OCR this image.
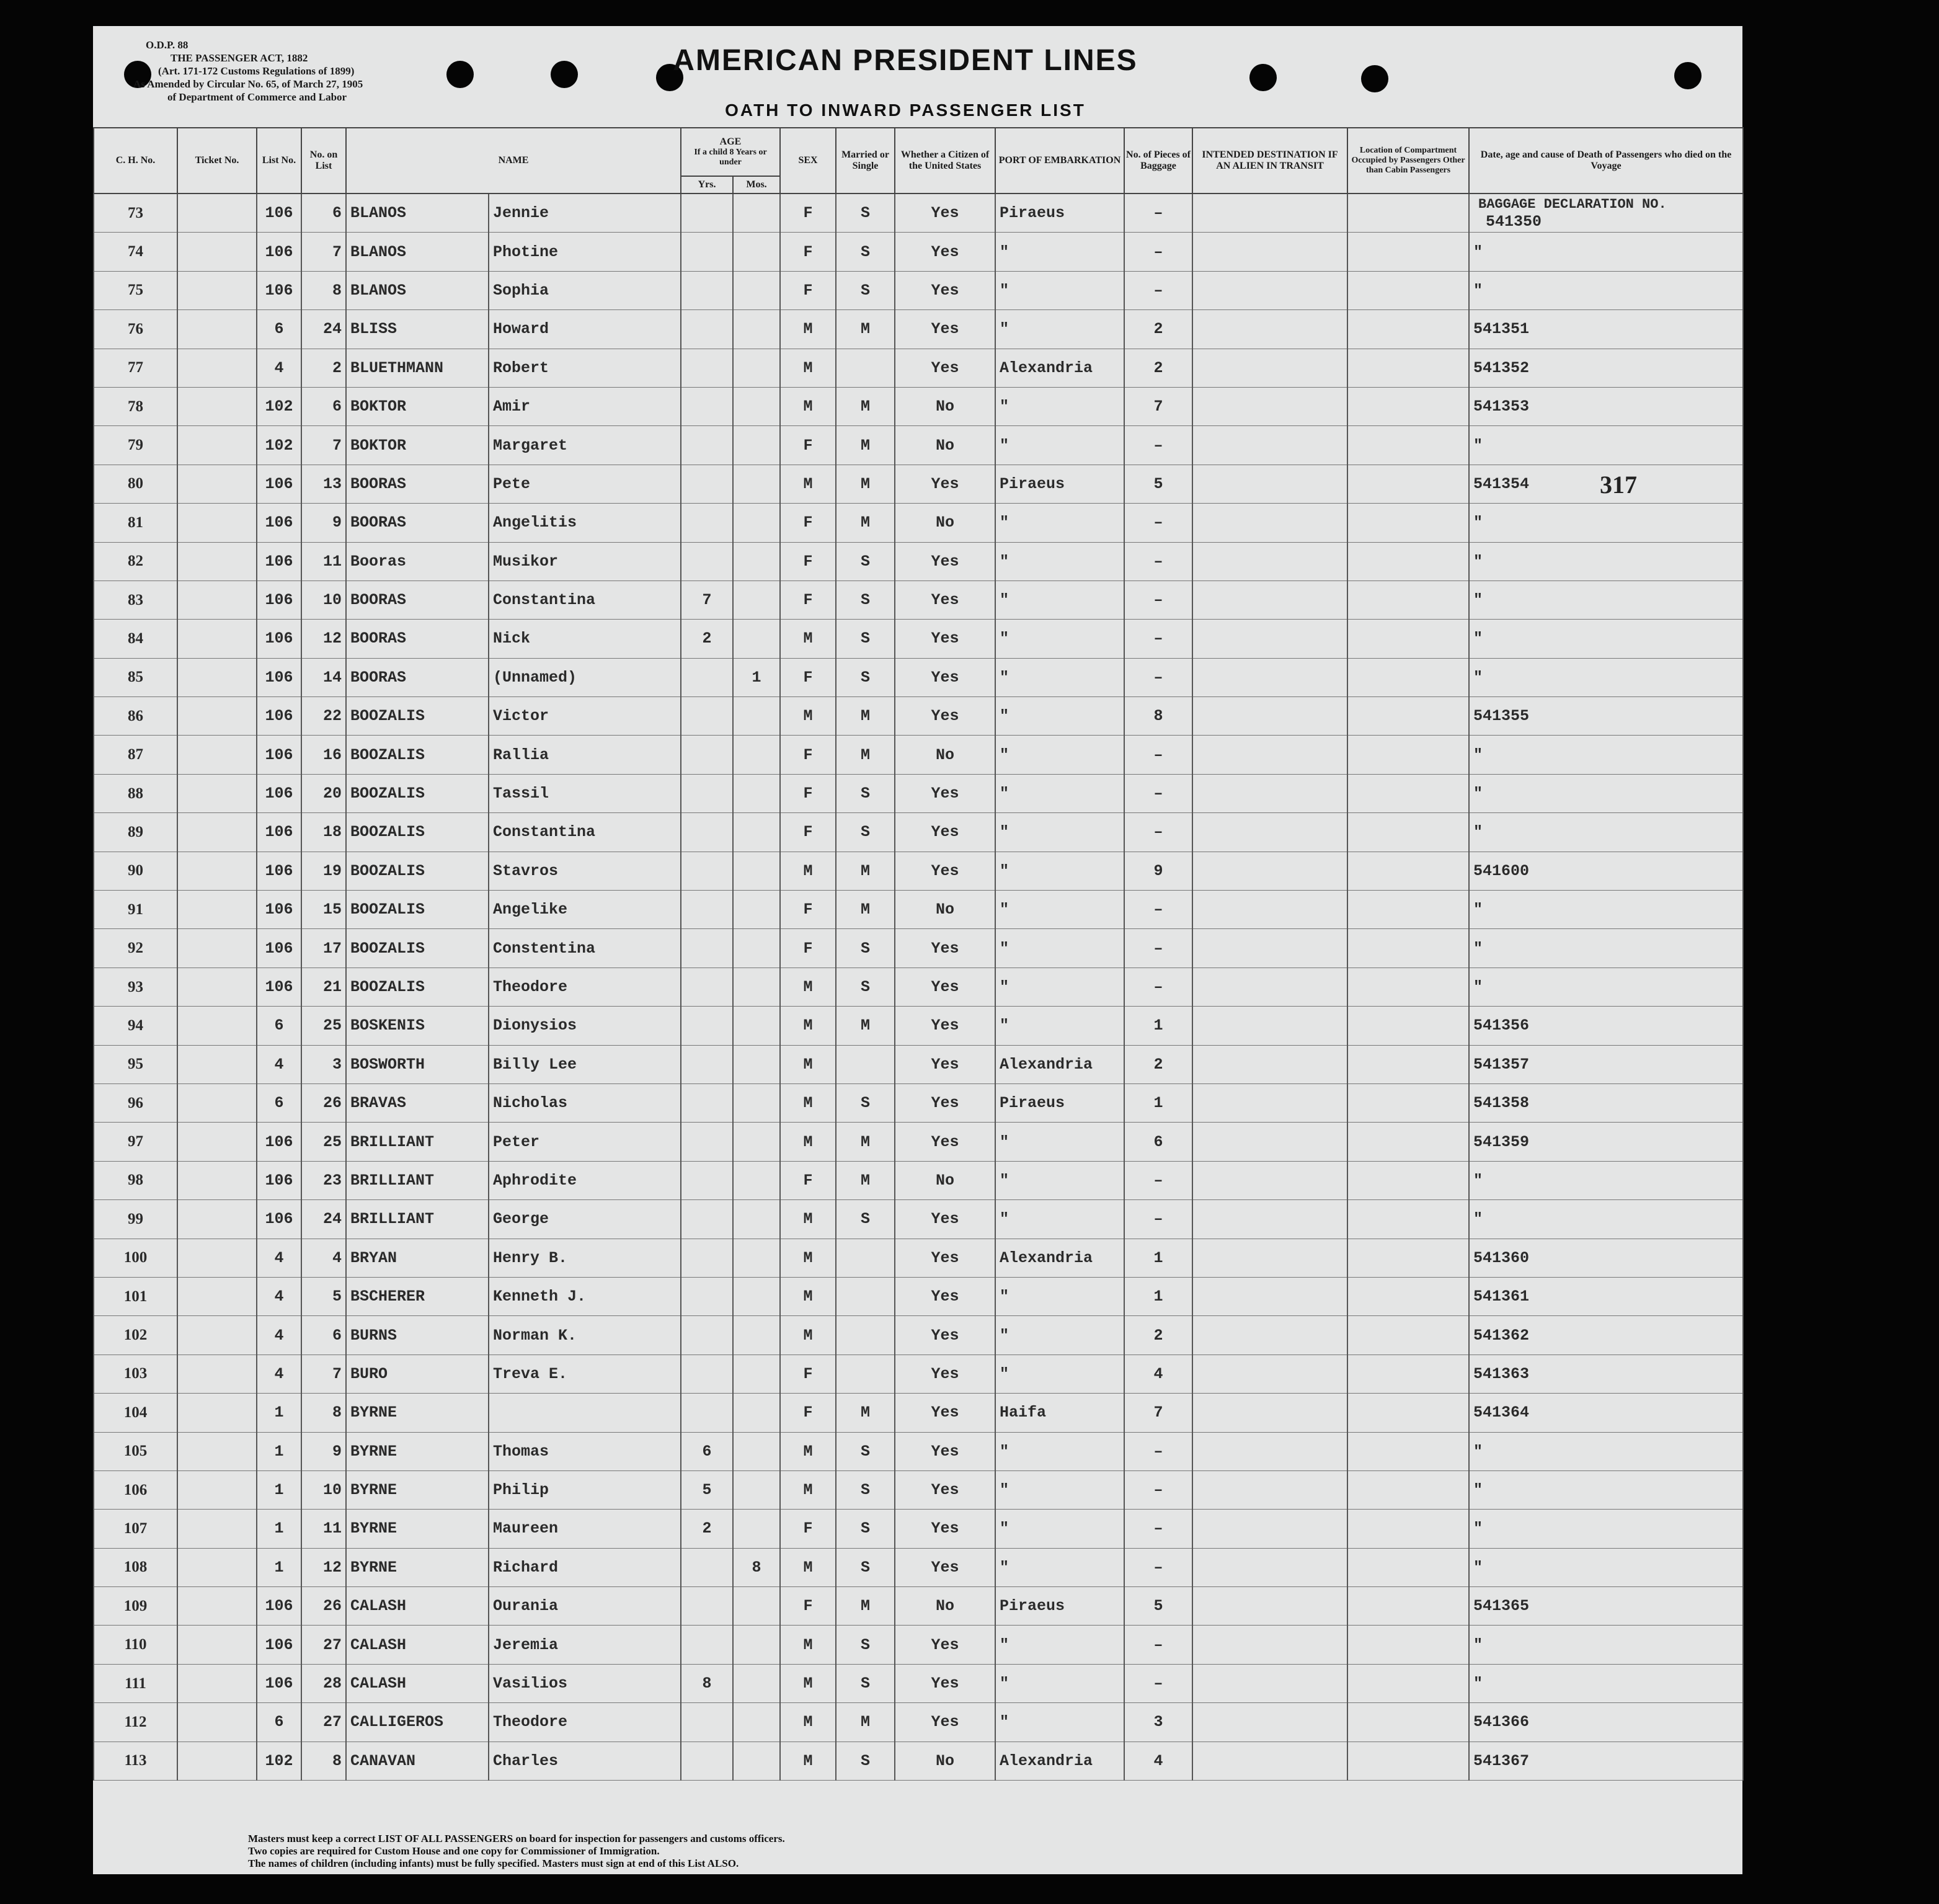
O.D.P. 88
THE PASSENGER ACT, 1882
(Art. 171-172 Customs Regulations of 1899)
As Amended by Circular No. 65, of March 27, 1905
of Department of Commerce and Labor
AMERICAN PRESIDENT LINES
OATH TO INWARD PASSENGER LIST
C. H. No.	Ticket No.	List No.	No. on List	NAME		AGE
If a child 8 Years or under		SEX	Married or Single	Whether a Citizen of the United States	PORT OF EMBARKATION	No. of Pieces of Baggage	INTENDED DESTINATION IF AN ALIEN IN TRANSIT	Location of Compartment Occupied by Passengers Other than Cabin Passengers	Date, age and cause of Death of Passengers who died on the Voyage
						Yrs.	Mos.								
73		106	6	BLANOS	Jennie			F	S	Yes	Piraeus	–			BAGGAGE DECLARATION NO.
541350

74		106	7	BLANOS	Photine			F	S	Yes	"	–			"
75		106	8	BLANOS	Sophia			F	S	Yes	"	–			"
76		6	24	BLISS	Howard			M	M	Yes	"	2			541351
77		4	2	BLUETHMANN	Robert			M		Yes	Alexandria	2			541352
78		102	6	BOKTOR	Amir			M	M	No	"	7			541353
79		102	7	BOKTOR	Margaret			F	M	No	"	–			"
80		106	13	BOORAS	Pete			M	M	Yes	Piraeus	5			541354
81		106	9	BOORAS	Angelitis			F	M	No	"	–			"
82		106	11	Booras	Musikor			F	S	Yes	"	–			"
83		106	10	BOORAS	Constantina	7		F	S	Yes	"	–			"
84		106	12	BOORAS	Nick	2		M	S	Yes	"	–			"
85		106	14	BOORAS	(Unnamed)		1	F	S	Yes	"	–			"
86		106	22	BOOZALIS	Victor			M	M	Yes	"	8			541355
87		106	16	BOOZALIS	Rallia			F	M	No	"	–			"
88		106	20	BOOZALIS	Tassil			F	S	Yes	"	–			"
89		106	18	BOOZALIS	Constantina			F	S	Yes	"	–			"
90		106	19	BOOZALIS	Stavros			M	M	Yes	"	9			541600
91		106	15	BOOZALIS	Angelike			F	M	No	"	–			"
92		106	17	BOOZALIS	Constentina			F	S	Yes	"	–			"
93		106	21	BOOZALIS	Theodore			M	S	Yes	"	–			"
94		6	25	BOSKENIS	Dionysios			M	M	Yes	"	1			541356
95		4	3	BOSWORTH	Billy Lee			M		Yes	Alexandria	2			541357
96		6	26	BRAVAS	Nicholas			M	S	Yes	Piraeus	1			541358
97		106	25	BRILLIANT	Peter			M	M	Yes	"	6			541359
98		106	23	BRILLIANT	Aphrodite			F	M	No	"	–			"
99		106	24	BRILLIANT	George			M	S	Yes	"	–			"
100		4	4	BRYAN	Henry B.			M		Yes	Alexandria	1			541360
101		4	5	BSCHERER	Kenneth J.			M		Yes	"	1			541361
102		4	6	BURNS	Norman K.			M		Yes	"	2			541362
103		4	7	BURO	Treva E.			F		Yes	"	4			541363
104		1	8	BYRNE				F	M	Yes	Haifa	7			541364
105		1	9	BYRNE	Thomas	6		M	S	Yes	"	–			"
106		1	10	BYRNE	Philip	5		M	S	Yes	"	–			"
107		1	11	BYRNE	Maureen	2		F	S	Yes	"	–			"
108		1	12	BYRNE	Richard		8	M	S	Yes	"	–			"
109		106	26	CALASH	Ourania			F	M	No	Piraeus	5			541365
110		106	27	CALASH	Jeremia			M	S	Yes	"	–			"
111		106	28	CALASH	Vasilios	8		M	S	Yes	"	–			"
112		6	27	CALLIGEROS	Theodore			M	M	Yes	"	3			541366
113		102	8	CANAVAN	Charles			M	S	No	Alexandria	4			541367
317
Masters must keep a correct LIST OF ALL PASSENGERS on board for inspection for passengers and customs officers.
Two copies are required for Custom House and one copy for Commissioner of Immigration.
The names of children (including infants) must be fully specified. Masters must sign at end of this List ALSO.
